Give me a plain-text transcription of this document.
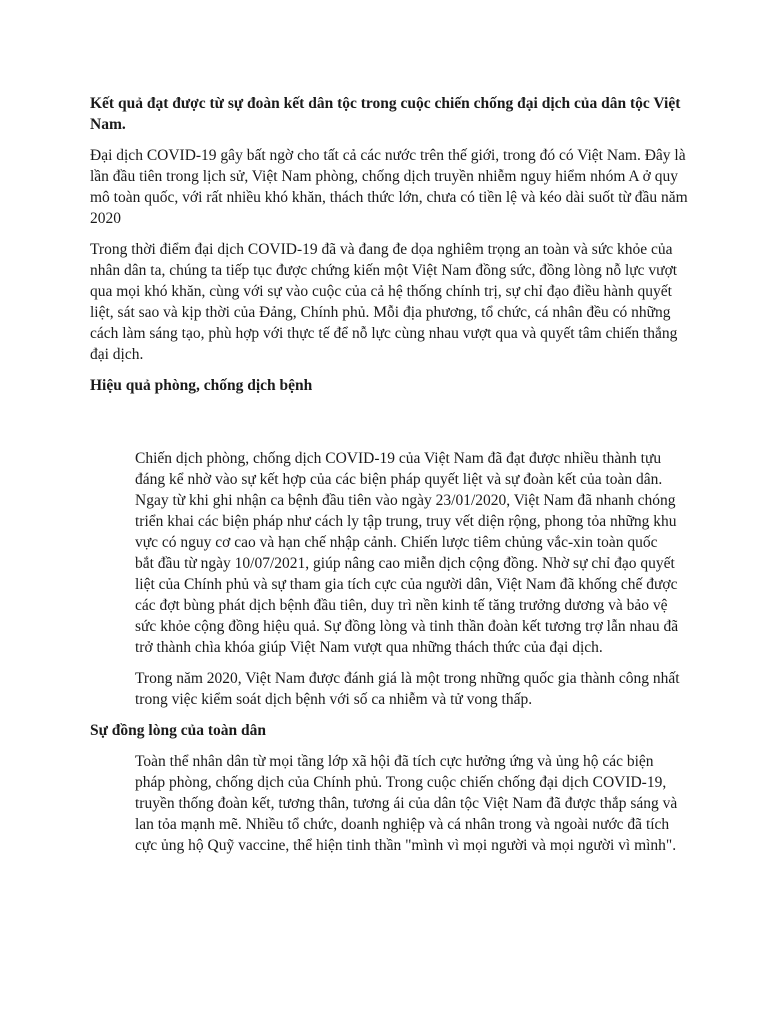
Kết quả đạt được từ sự đoàn kết dân tộc trong cuộc chiến chống đại dịch của dân tộc Việt Nam.

Đại dịch COVID-19 gây bất ngờ cho tất cả các nước trên thế giới, trong đó có Việt Nam. Đây là lần đầu tiên trong lịch sử, Việt Nam phòng, chống dịch truyền nhiễm nguy hiểm nhóm A ở quy mô toàn quốc, với rất nhiều khó khăn, thách thức lớn, chưa có tiền lệ và kéo dài suốt từ đầu năm 2020

Trong thời điểm đại dịch COVID-19 đã và đang đe dọa nghiêm trọng an toàn và sức khỏe của nhân dân ta, chúng ta tiếp tục được chứng kiến một Việt Nam đồng sức, đồng lòng nỗ lực vượt qua mọi khó khăn, cùng với sự vào cuộc của cả hệ thống chính trị, sự chỉ đạo điều hành quyết liệt, sát sao và kịp thời của Đảng, Chính phủ. Mỗi địa phương, tổ chức, cá nhân đều có những cách làm sáng tạo, phù hợp với thực tế để nỗ lực cùng nhau vượt qua và quyết tâm chiến thắng đại dịch.

Hiệu quả phòng, chống dịch bệnh

Chiến dịch phòng, chống dịch COVID-19 của Việt Nam đã đạt được nhiều thành tựu đáng kể nhờ vào sự kết hợp của các biện pháp quyết liệt và sự đoàn kết của toàn dân. Ngay từ khi ghi nhận ca bệnh đầu tiên vào ngày 23/01/2020, Việt Nam đã nhanh chóng triển khai các biện pháp như cách ly tập trung, truy vết diện rộng, phong tỏa những khu vực có nguy cơ cao và hạn chế nhập cảnh. Chiến lược tiêm chủng vắc-xin toàn quốc bắt đầu từ ngày 10/07/2021, giúp nâng cao miễn dịch cộng đồng. Nhờ sự chỉ đạo quyết liệt của Chính phủ và sự tham gia tích cực của người dân, Việt Nam đã khống chế được các đợt bùng phát dịch bệnh đầu tiên, duy trì nền kinh tế tăng trưởng dương và bảo vệ sức khỏe cộng đồng hiệu quả. Sự đồng lòng và tinh thần đoàn kết tương trợ lẫn nhau đã trở thành chìa khóa giúp Việt Nam vượt qua những thách thức của đại dịch.

Trong năm 2020, Việt Nam được đánh giá là một trong những quốc gia thành công nhất trong việc kiểm soát dịch bệnh với số ca nhiễm và tử vong thấp.

Sự đồng lòng của toàn dân

Toàn thể nhân dân từ mọi tầng lớp xã hội đã tích cực hưởng ứng và ủng hộ các biện pháp phòng, chống dịch của Chính phủ. Trong cuộc chiến chống đại dịch COVID-19, truyền thống đoàn kết, tương thân, tương ái của dân tộc Việt Nam đã được thắp sáng và lan tỏa mạnh mẽ. Nhiều tổ chức, doanh nghiệp và cá nhân trong và ngoài nước đã tích cực ủng hộ Quỹ vaccine, thể hiện tinh thần "mình vì mọi người và mọi người vì mình".
